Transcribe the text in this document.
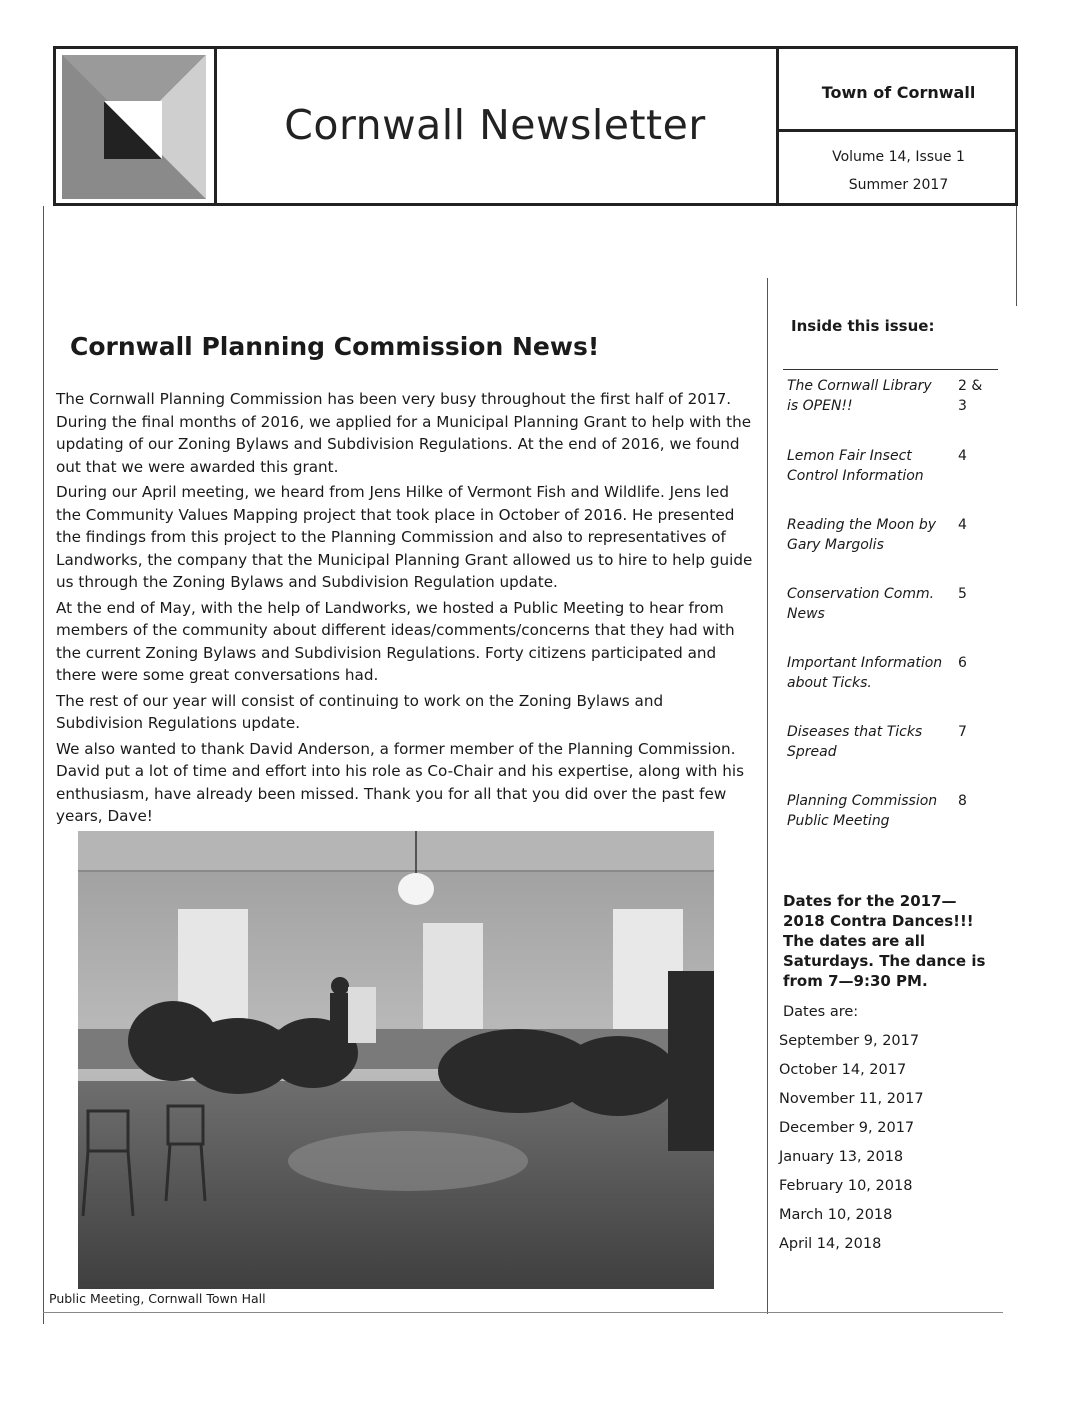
Cornwall Newsletter
Town of Cornwall
Volume 14, Issue 1
Summer 2017
Cornwall Planning Commission News!

The Cornwall Planning Commission has been very busy throughout the first half of 2017. During the final months of 2016, we applied for a Municipal Planning Grant to help with the updating of our Zoning Bylaws and Subdivision Regulations. At the end of 2016, we found out that we were awarded this grant.

During our April meeting, we heard from Jens Hilke of Vermont Fish and Wildlife. Jens led the Community Values Mapping project that took place in October of 2016. He presented the findings from this project to the Planning Commission and also to representatives of Landworks, the company that the Municipal Planning Grant allowed us to hire to help guide us through the Zoning Bylaws and Subdivision Regulation update.

At the end of May, with the help of Landworks, we hosted a Public Meeting to hear from members of the community about different ideas/comments/concerns that they had with the current Zoning Bylaws and Subdivision Regulations. Forty citizens participated and there were some great conversations had.

The rest of our year will consist of continuing to work on the Zoning Bylaws and Subdivision Regulations update.

We also wanted to thank David Anderson, a former member of the Planning Commission. David put a lot of time and effort into his role as Co-Chair and his expertise, along with his enthusiasm, have already been missed. Thank you for all that you did over the past few years, Dave!

Public Meeting, Cornwall Town Hall
Inside this issue:
The Cornwall Library is OPEN!!
2 & 3
Lemon Fair Insect Control Information
4
Reading the Moon by Gary Margolis
4
Conservation Comm. News
5
Important Information about Ticks.
6
Diseases that Ticks Spread
7
Planning Commission Public Meeting
8
Dates for the 2017—2018 Contra Dances!!! The dates are all Saturdays. The dance is from 7—9:30 PM.
Dates are:
September 9, 2017
October 14, 2017
November 11, 2017
December 9, 2017
January 13, 2018
February 10, 2018
March 10, 2018
April 14, 2018
